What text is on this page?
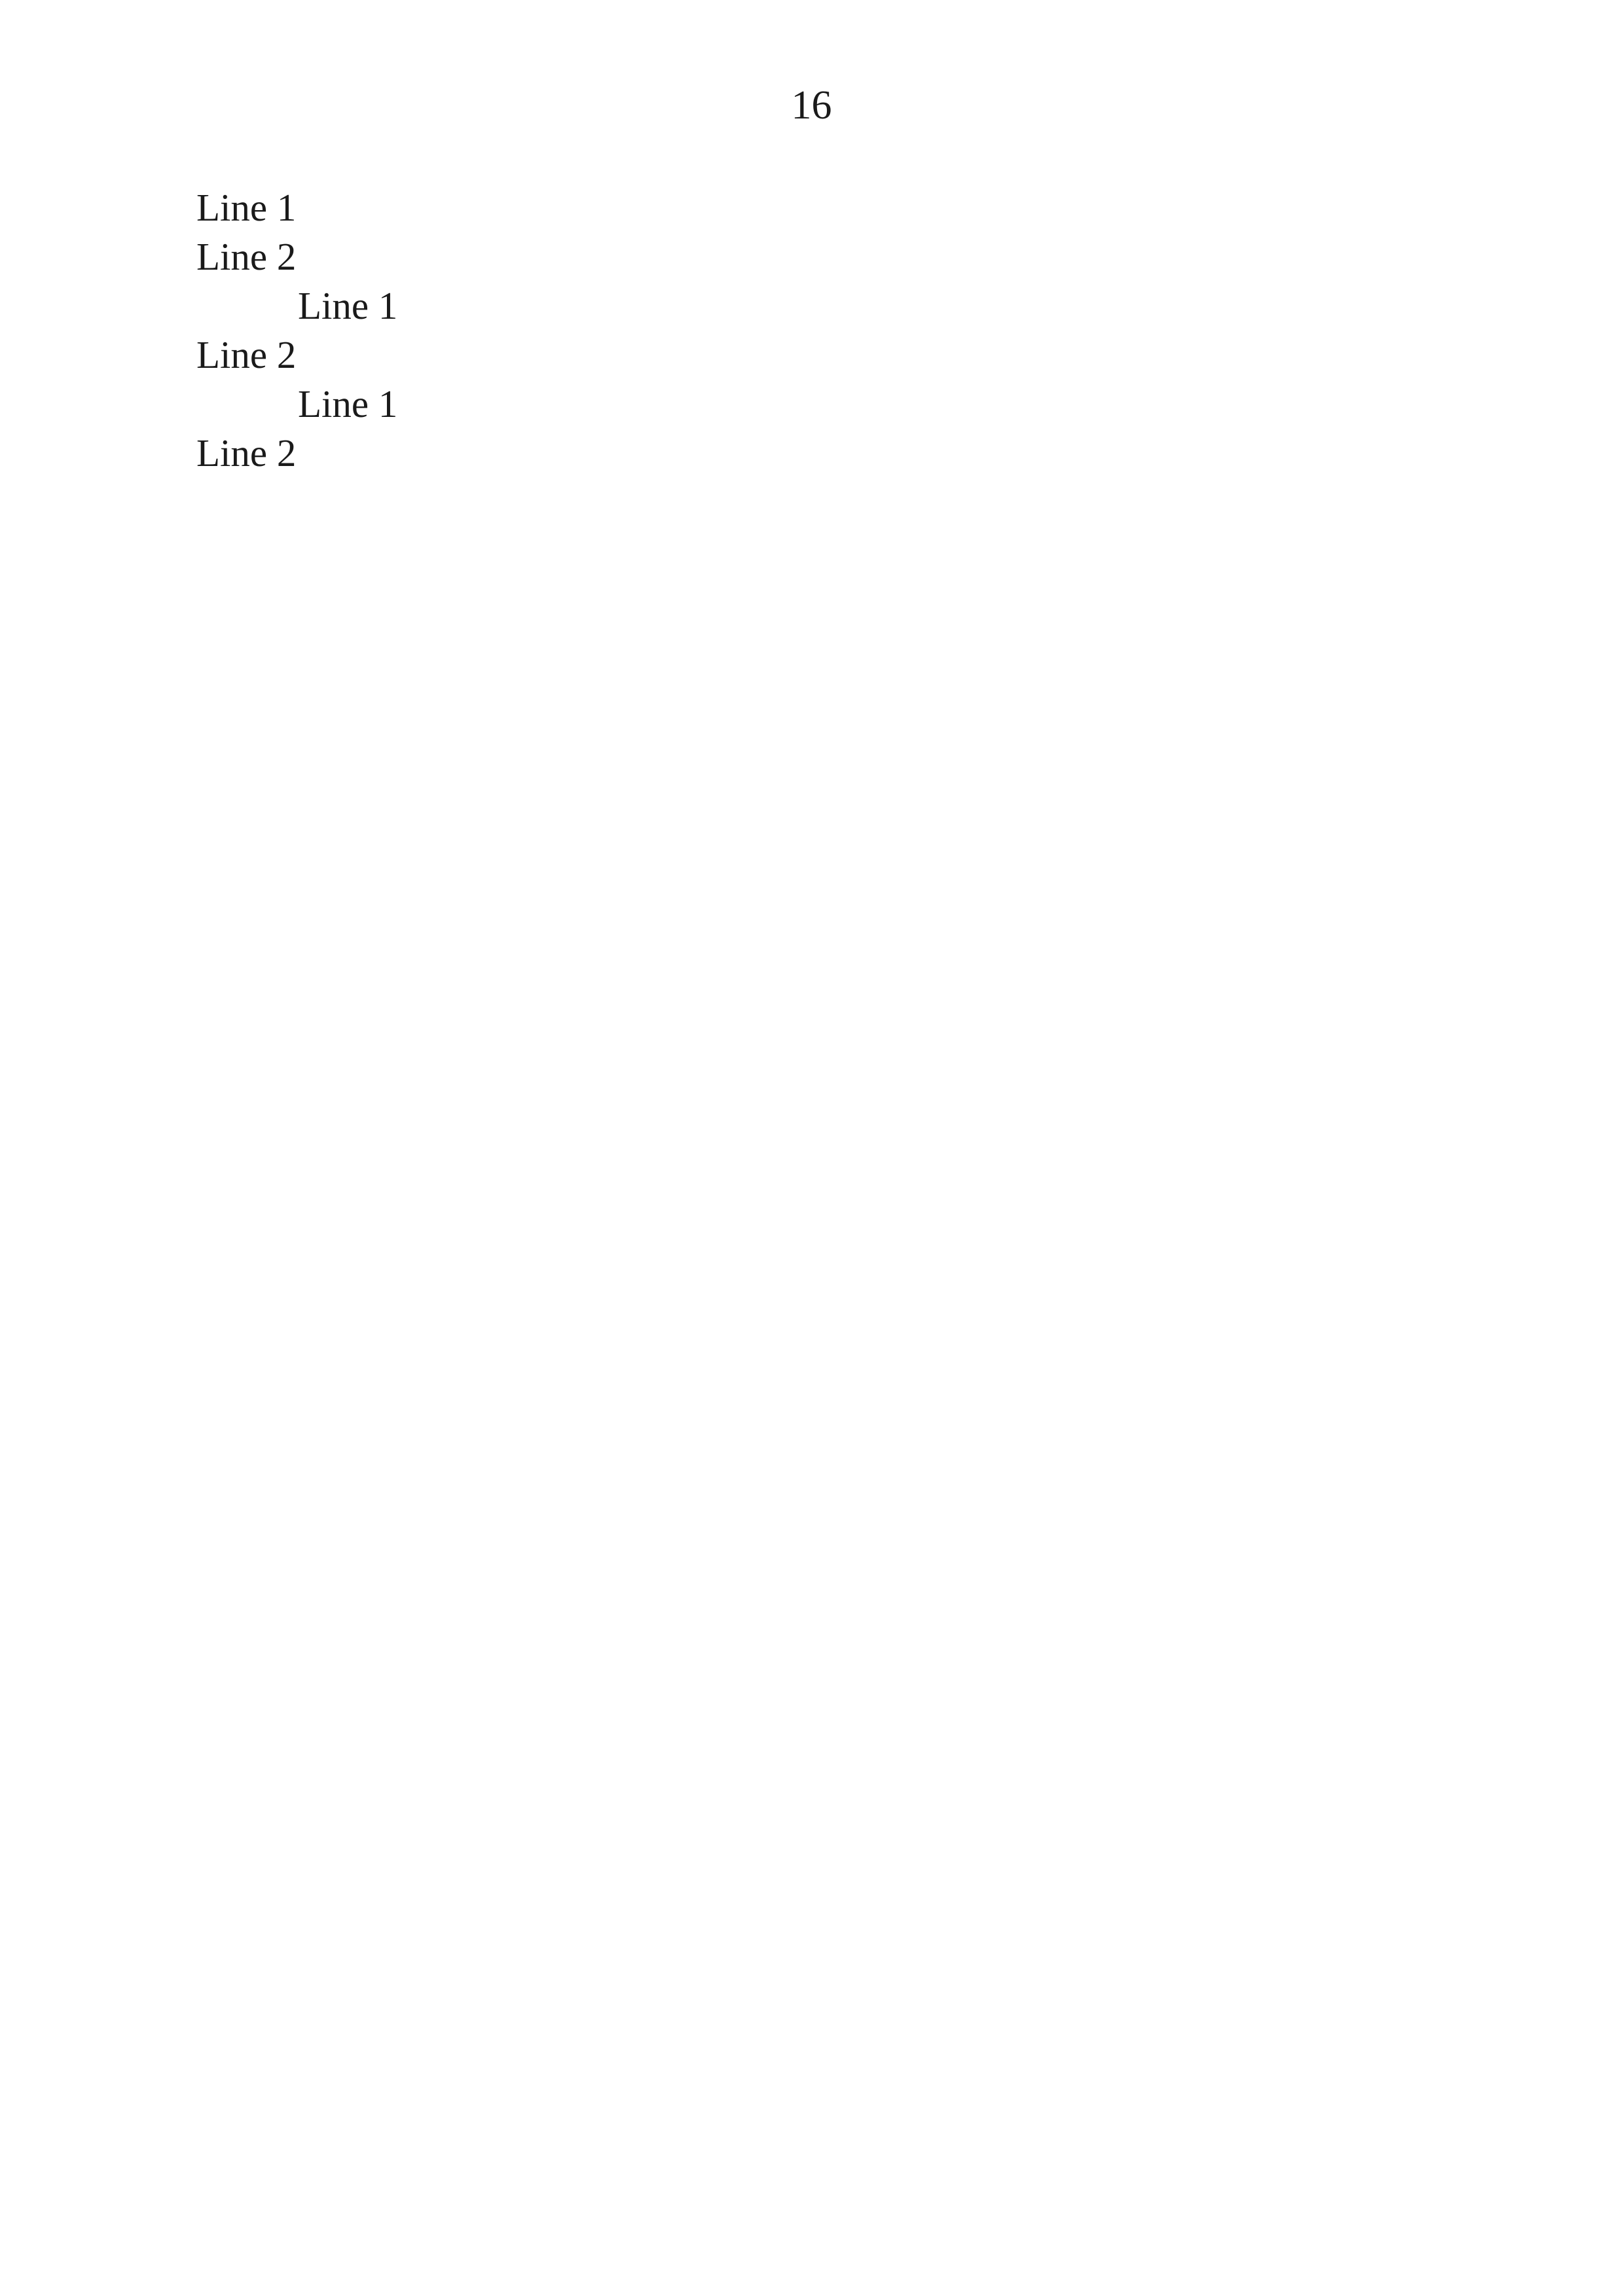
16

Line 1

Line 2

Line 1

Line 2

Line 1

Line 2
